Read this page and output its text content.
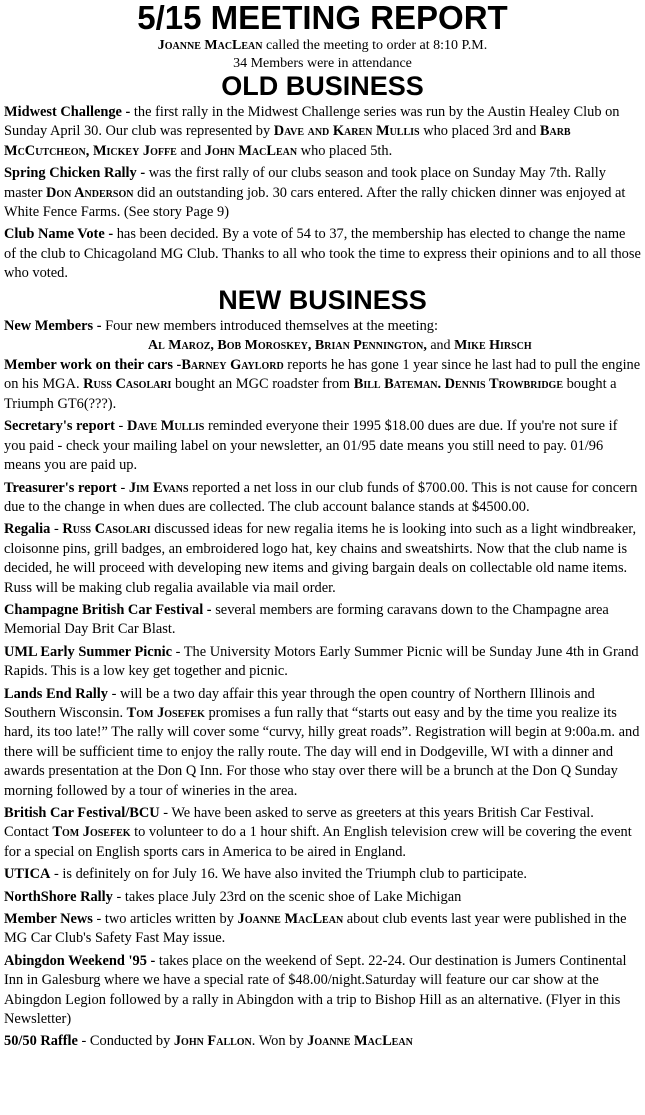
5/15 MEETING REPORT

Joanne MacLean called the meeting to order at 8:10 P.M.

34 Members were in attendance

OLD BUSINESS

Midwest Challenge - the first rally in the Midwest Challenge series was run by the Austin Healey Club on Sunday April 30. Our club was represented by Dave and Karen Mullis who placed 3rd and Barb McCutcheon, Mickey Joffe and John MacLean who placed 5th.

Spring Chicken Rally - was the first rally of our clubs season and took place on Sunday May 7th. Rally master Don Anderson did an outstanding job. 30 cars entered. After the rally chicken dinner was enjoyed at White Fence Farms. (See story Page 9)

Club Name Vote - has been decided. By a vote of 54 to 37, the membership has elected to change the name of the club to Chicagoland MG Club. Thanks to all who took the time to express their opinions and to all those who voted.

NEW BUSINESS

New Members - Four new members introduced themselves at the meeting:

Al Maroz, Bob Moroskey, Brian Pennington, and Mike Hirsch

Member work on their cars -Barney Gaylord reports he has gone 1 year since he last had to pull the engine on his MGA. Russ Casolari bought an MGC roadster from Bill Bateman. Dennis Trowbridge bought a Triumph GT6(???).

Secretary's report - Dave Mullis reminded everyone their 1995 $18.00 dues are due. If you're not sure if you paid - check your mailing label on your newsletter, an 01/95 date means you still need to pay. 01/96 means you are paid up.

Treasurer's report - Jim Evans reported a net loss in our club funds of $700.00. This is not cause for concern due to the change in when dues are collected. The club account balance stands at $4500.00.

Regalia - Russ Casolari discussed ideas for new regalia items he is looking into such as a light windbreaker, cloisonne pins, grill badges, an embroidered logo hat, key chains and sweatshirts. Now that the club name is decided, he will proceed with developing new items and giving bargain deals on collectable old name items. Russ will be making club regalia available via mail order.

Champagne British Car Festival - several members are forming caravans down to the Champagne area Memorial Day Brit Car Blast.

UML Early Summer Picnic - The University Motors Early Summer Picnic will be Sunday June 4th in Grand Rapids. This is a low key get together and picnic.

Lands End Rally - will be a two day affair this year through the open country of Northern Illinois and Southern Wisconsin. Tom Josefek promises a fun rally that “starts out easy and by the time you realize its hard, its too late!” The rally will cover some “curvy, hilly great roads”. Registration will begin at 9:00a.m. and there will be sufficient time to enjoy the rally route. The day will end in Dodgeville, WI with a dinner and awards presentation at the Don Q Inn. For those who stay over there will be a brunch at the Don Q Sunday morning followed by a tour of wineries in the area.

British Car Festival/BCU - We have been asked to serve as greeters at this years British Car Festival. Contact Tom Josefek to volunteer to do a 1 hour shift. An English television crew will be covering the event for a special on English sports cars in America to be aired in England.

UTICA - is definitely on for July 16. We have also invited the Triumph club to participate.

NorthShore Rally - takes place July 23rd on the scenic shoe of Lake Michigan

Member News - two articles written by Joanne MacLean about club events last year were published in the MG Car Club's Safety Fast May issue.

Abingdon Weekend '95 - takes place on the weekend of Sept. 22-24. Our destination is Jumers Continental Inn in Galesburg where we have a special rate of $48.00/night.Saturday will feature our car show at the Abingdon Legion followed by a rally in Abingdon with a trip to Bishop Hill as an alternative. (Flyer in this Newsletter)

50/50 Raffle - Conducted by John Fallon. Won by Joanne MacLean
